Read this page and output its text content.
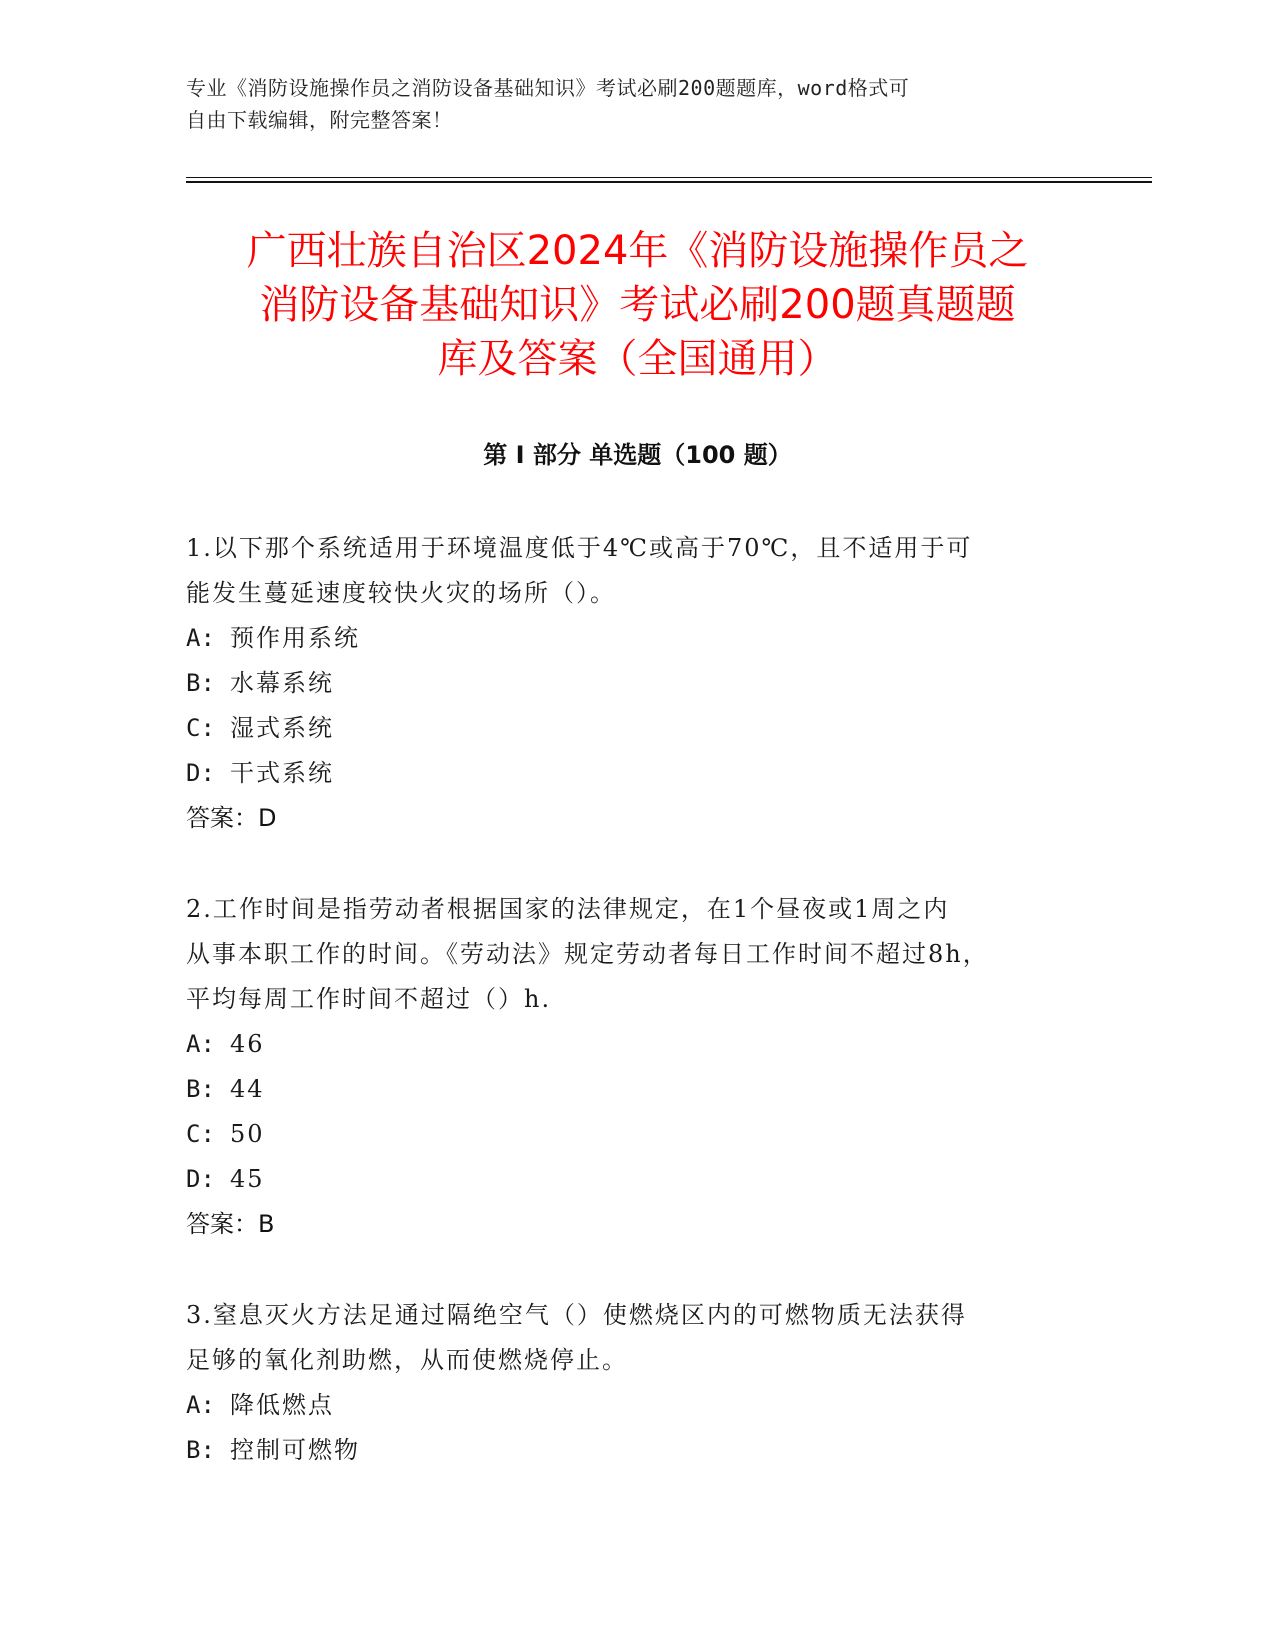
专业《消防设施操作员之消防设备基础知识》考试必刷200题题库，word格式可
自由下载编辑，附完整答案！
广西壮族自治区2024年《消防设施操作员之
消防设备基础知识》考试必刷200题真题题
库及答案（全国通用）
第 I 部分 单选题（100 题）
1.以下那个系统适用于环境温度低于4℃或高于70℃，且不适用于可
能发生蔓延速度较快火灾的场所（）。
A: 预作用系统
B: 水幕系统
C: 湿式系统
D: 干式系统
答案：D
2.工作时间是指劳动者根据国家的法律规定，在1个昼夜或1周之内
从事本职工作的时间。《劳动法》规定劳动者每日工作时间不超过8h，
平均每周工作时间不超过（）h.
A: 46
B: 44
C: 50
D: 45
答案：B
3.窒息灭火方法足通过隔绝空气（）使燃烧区内的可燃物质无法获得
足够的氧化剂助燃，从而使燃烧停止。
A: 降低燃点
B: 控制可燃物
